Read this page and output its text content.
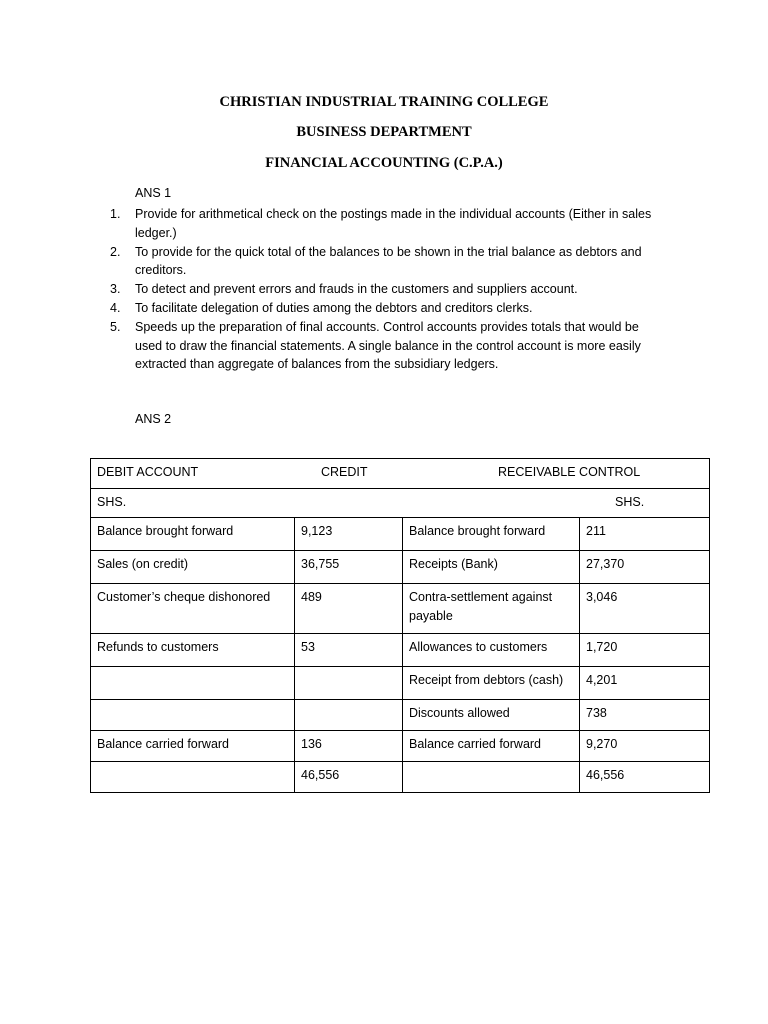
CHRISTIAN INDUSTRIAL TRAINING COLLEGE
BUSINESS DEPARTMENT
FINANCIAL ACCOUNTING (C.P.A.)

ANS 1

1.	Provide for arithmetical check on the postings made in the individual accounts (Either in sales ledger.)
2.	To provide for the quick total of the balances to be shown in the trial balance as debtors and creditors.
3.	To detect and prevent errors and frauds in the customers and suppliers account.
4.	To facilitate delegation of duties among the debtors and creditors clerks.
5.	Speeds up the preparation of final accounts. Control accounts provides totals that would be used to draw the financial statements. A single balance in the control account is more easily extracted than aggregate of balances from the subsidiary ledgers.

ANS 2

DEBIT ACCOUNT CREDIT RECEIVABLE CONTROL			

SHS. SHS.			

Balance brought forward	9,123	Balance brought forward	211
Sales (on credit)	36,755	Receipts (Bank)	27,370
Customer’s cheque dishonored	489	Contra-settlement against payable	3,046
Refunds to customers	53	Allowances to customers	1,720
		Receipt from debtors (cash)	4,201
		Discounts allowed	738
Balance carried forward	136	Balance carried forward	9,270
	46,556		46,556
